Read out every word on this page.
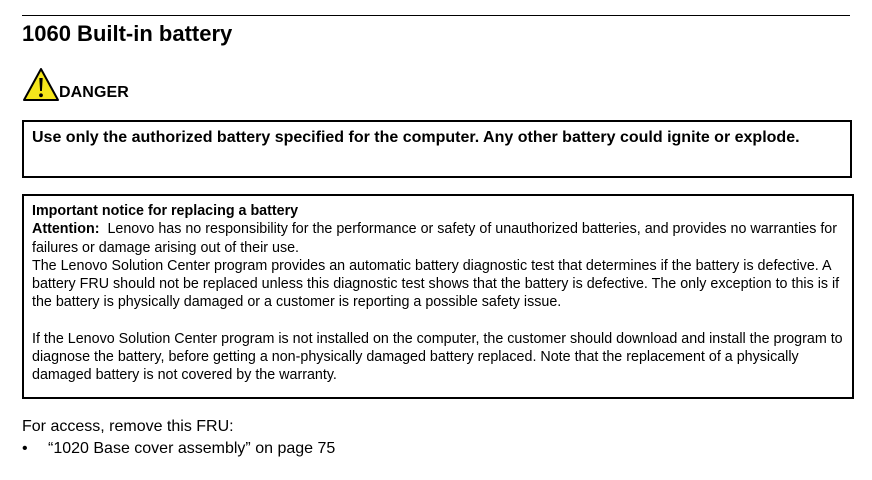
1060 Built-in battery
DANGER

Use only the authorized battery specified for the computer. Any other battery could ignite or explode.

Important notice for replacing a battery

Attention: Lenovo has no responsibility for the performance or safety of unauthorized batteries, and provides no warranties for failures or damage arising out of their use.

The Lenovo Solution Center program provides an automatic battery diagnostic test that determines if the battery is defective. A battery FRU should not be replaced unless this diagnostic test shows that the battery is defective. The only exception to this is if the battery is physically damaged or a customer is reporting a possible safety issue.

If the Lenovo Solution Center program is not installed on the computer, the customer should download and install the program to diagnose the battery, before getting a non-physically damaged battery replaced. Note that the replacement of a physically damaged battery is not covered by the warranty.

For access, remove this FRU:

•	“1020 Base cover assembly” on page 75
